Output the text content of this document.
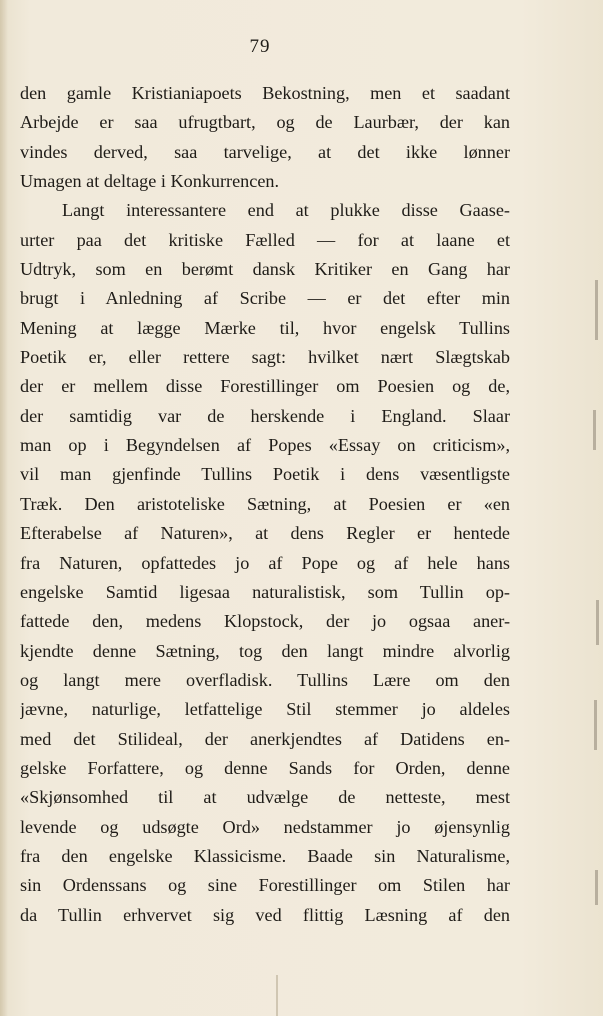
79
den gamle Kristianiapoets Bekostning, men et saadant
Arbejde er saa ufrugtbart, og de Laurbær, der kan
vindes derved, saa tarvelige, at det ikke lønner
Umagen at deltage i Konkurrencen.
Langt interessantere end at plukke disse Gaase-
urter paa det kritiske Fælled — for at laane et
Udtryk, som en berømt dansk Kritiker en Gang har
brugt i Anledning af Scribe — er det efter min
Mening at lægge Mærke til, hvor engelsk Tullins
Poetik er, eller rettere sagt: hvilket nært Slægtskab
der er mellem disse Forestillinger om Poesien og de,
der samtidig var de herskende i England. Slaar
man op i Begyndelsen af Popes «Essay on criticism»,
vil man gjenfinde Tullins Poetik i dens væsentligste
Træk. Den aristoteliske Sætning, at Poesien er «en
Efterabelse af Naturen», at dens Regler er hentede
fra Naturen, opfattedes jo af Pope og af hele hans
engelske Samtid ligesaa naturalistisk, som Tullin op-
fattede den, medens Klopstock, der jo ogsaa aner-
kjendte denne Sætning, tog den langt mindre alvorlig
og langt mere overfladisk. Tullins Lære om den
jævne, naturlige, letfattelige Stil stemmer jo aldeles
med det Stilideal, der anerkjendtes af Datidens en-
gelske Forfattere, og denne Sands for Orden, denne
«Skjønsomhed til at udvælge de netteste, mest
levende og udsøgte Ord» nedstammer jo øjensynlig
fra den engelske Klassicisme. Baade sin Naturalisme,
sin Ordenssans og sine Forestillinger om Stilen har
da Tullin erhvervet sig ved flittig Læsning af den
